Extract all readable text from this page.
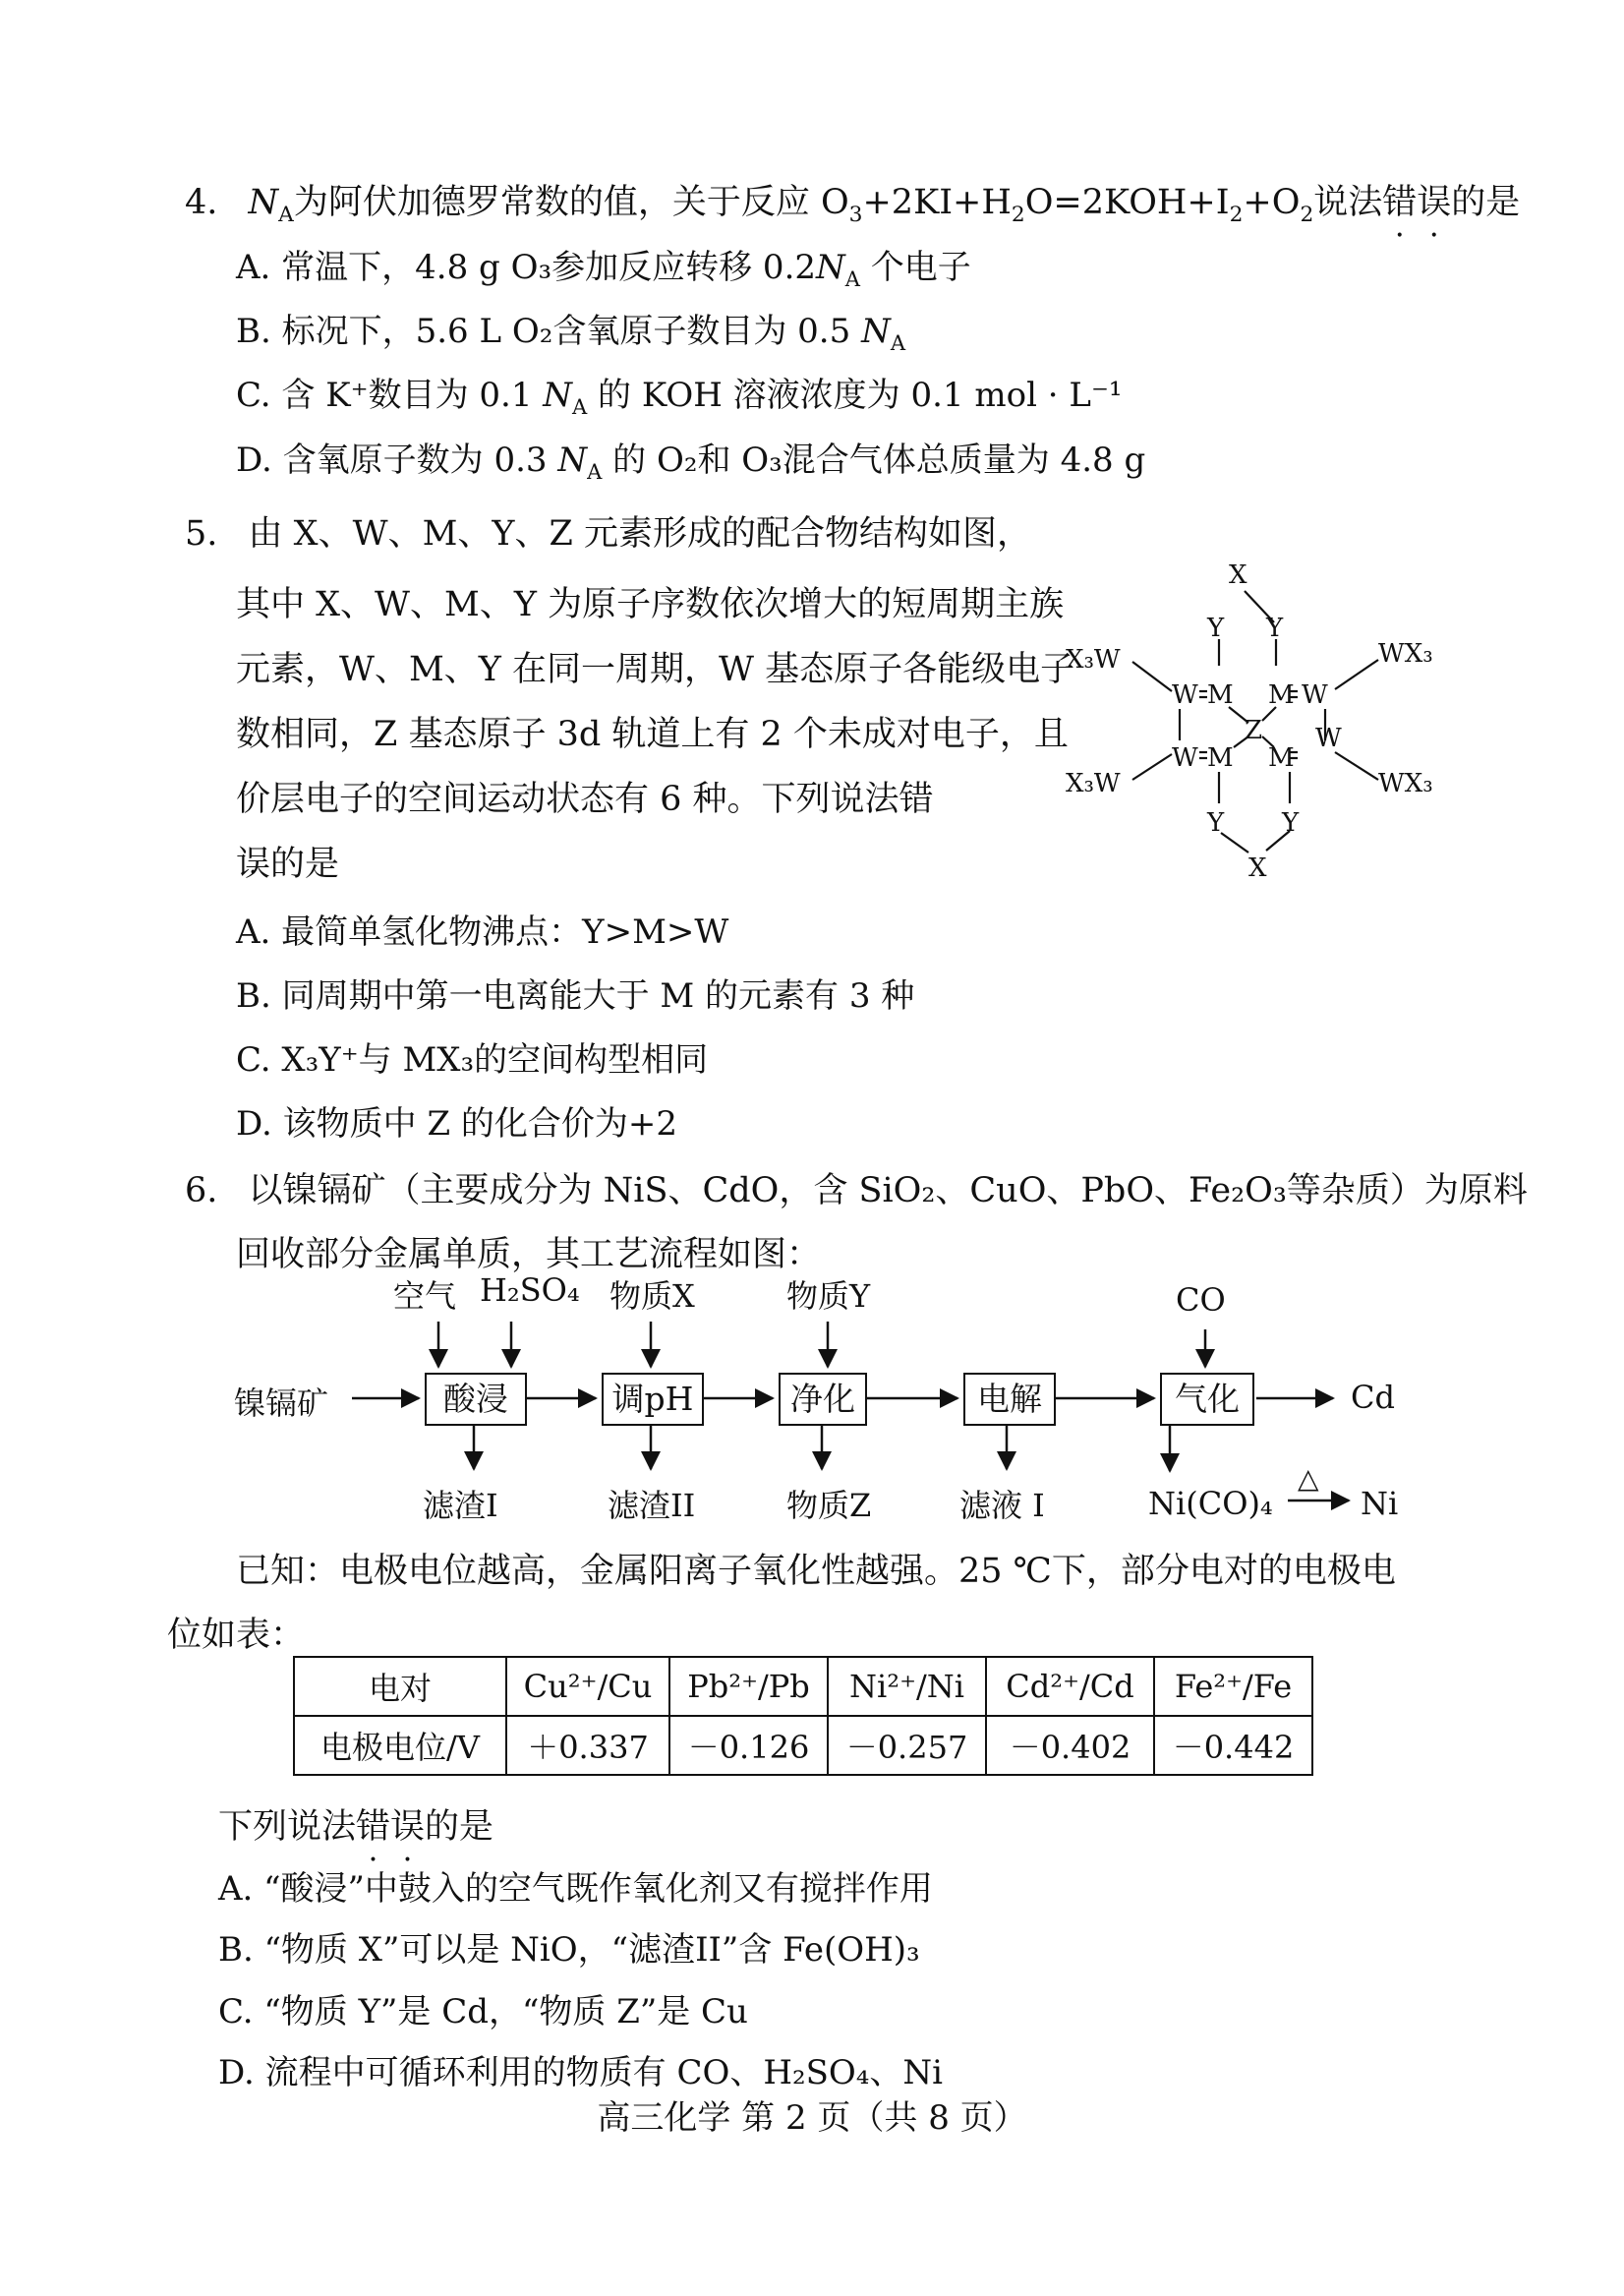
4. $N_A$为阿伏加德罗常数的值，关于反应 $O_3+2KI+H_2O=2KOH+I_2+O_2$说法错误的是
A. 常温下，4.8 g O₃参加反应转移 $0.2N_A$ 个电子
B. 标况下，5.6 L O₂含氧原子数目为 0.5 $N_A$
C. 含 K⁺数目为 0.1 $N_A$ 的 KOH 溶液浓度为 0.1 mol · L⁻¹
D. 含氧原子数为 0.3 $N_A$ 的 O₂和 O₃混合气体总质量为 4.8 g
5. 由 X、W、M、Y、Z 元素形成的配合物结构如图，
其中 X、W、M、Y 为原子序数依次增大的短周期主族元素，W、M、Y 在同一周期，W 基态原子各能级电子数相同，Z 基态原子 3d 轨道上有 2 个未成对电子，且价层电子的空间运动状态有 6 种。下列说法错
误 •的是
X
Y Y
WX₃
X₃W
W M M W
Z
W M M
W
X₃W	WX₃
Y Y
X
A. 最简单氢化物沸点：Y>M>W
B. 同周期中第一电离能大于 M 的元素有 3 种
C. X₃Y⁺与 MX₃的空间构型相同
D. 该物质中 Z 的化合价为+2
6. 以镍镉矿（主要成分为 NiS、CdO，含 SiO₂、CuO、PbO、Fe₂O₃等杂质）为原料
回收部分金属单质，其工艺流程如图：
空气 H₂SO₄ 物质X	物质Y	CO
镍镉矿	酸浸	调pH	净化	电解	气化	Cd
滤渣I	滤渣II	物质Z	滤液 I	Ni(CO)₄
△
Ni
已知：电极电位越高，金属阳离子氧化性越强。25 ℃下，部分电对的电极电
位如表：
电对	Cu²⁺/Cu	Pb²⁺/Pb	Ni²⁺/Ni	Cd²⁺/Cd	Fe²⁺/Fe
电极电位/V	＋0.337	－0.126	－0.257	－0.402	－0.442
下列说法错误的是
A. “酸浸”中鼓入的空气既作氧化剂又有搅拌作用
B. “物质 X”可以是 NiO，“滤渣II”含 Fe(OH)₃
C. “物质 Y”是 Cd，“物质 Z”是 Cu
D. 流程中可循环利用的物质有 CO、H₂SO₄、Ni
高三化学 第 2 页（共 8 页）
